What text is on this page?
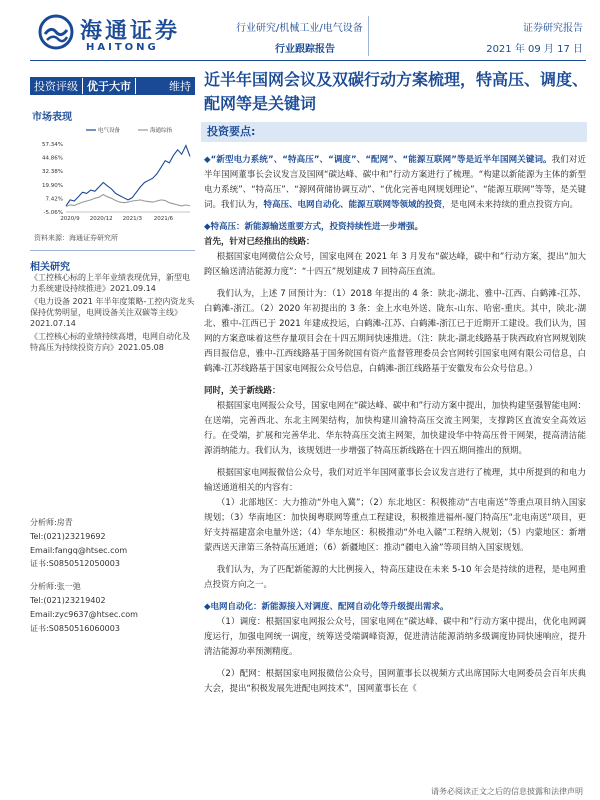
海通证券
HAITONG
行业研究/机械工业/电气设备
行业跟踪报告
证券研究报告
2021 年 09 月 17 日
投资评级 优于大市	维持
市场表现
57.34%
44.86%
32.38%
19.90%
7.42%
-5.06%
2020/9 2020/12 2021/3 2021/6
电气设备	海通综指
资料来源：海通证券研究所
相关研究
《工控核心标的上半年业绩表现优异，新型电力系统建设持续推进》2021.09.14
《电力设备 2021 年半年度策略-工控内资龙头保持优势明显，电网设备关注双碳等主线》2021.07.14
《工控核心标的业绩持续高增，电网自动化及特高压为持续投资方向》2021.05.08
分析师:房青
Tel:(021)23219692
Email:fangq@htsec.com
证书:S0850512050003
分析师:张一弛
Tel:(021)23219402
Email:zyc9637@htsec.com
证书:S0850516060003
近半年国网会议及双碳行动方案梳理，特高压、调度、配网等是关键词
投资要点:

◆ “新型电力系统”、“特高压”、“调度”、“配网”、“能源互联网”等是近半年国网关键词。我们对近半年国网董事长会议发言及国网“碳达峰、碳中和”行动方案进行了梳理。“构建以新能源为主体的新型电力系统”、“特高压”、“源网荷储协调互动”、“优化完善电网规划理论”、“能源互联网”等等，是关键词。我们认为，特高压、电网自动化、能源互联网等领域的投资，是电网未来持续的重点投资方向。

◆ 特高压：新能源输送重要方式，投资持续性进一步增强。
首先，针对已经推出的线路：

根据国家电网微信公众号，国家电网在 2021 年 3 月发布“碳达峰，碳中和”行动方案，提出“加大跨区输送清洁能源力度”：“十四五”规划建成 7 回特高压直流。

我们认为，上述 7 回预计为：（1）2018 年提出的 4 条：陕北-湖北、雅中-江西、白鹤滩-江苏、白鹤滩-浙江。（2）2020 年初提出的 3 条：金上水电外送、陇东-山东、哈密-重庆。其中，陕北-湖北、雅中-江西已于 2021 年建成投运，白鹤滩-江苏、白鹤滩-浙江已于近期开工建设。我们认为，国网的方案意味着这些存量项目会在十四五期间快速推进。（注：陕北-湖北线路基于陕西政府官网规划陕西目报信息，雅中-江西线路基于国务院国有资产监督管理委员会官网转引国家电网有限公司信息，白鹤滩-江苏线路基于国家电网报公众号信息，白鹤滩-浙江线路基于安徽发布公众号信息。）

同时，关于新线路：

根据国家电网报公众号，国家电网在“碳达峰、碳中和”行动方案中提出，加快构建坚强智能电网：在送端，完善西北、东北主网架结构，加快构建川渝特高压交流主网架，支撑跨区直流安全高效运行。在受端，扩展和完善华北、华东特高压交流主网架，加快建设华中特高压骨干网架，提高清洁能源消纳能力。我们认为，该规划进一步增强了特高压新线路在十四五期间推出的预期。

根据国家电网报微信公众号，我们对近半年国网董事长会议发言进行了梳理，其中所提到的和电力输送通道相关的内容有：

（1）北部地区：大力推动“外电入冀”；（2）东北地区：积极推动“吉电南送”等重点项目纳入国家规划；（3）华南地区：加快闽粤联网等重点工程建设，积极推进福州-厦门特高压“北电南送”项目，更好支持福建富余电量外送；（4）华东地区：积极推动“外电入赣”工程纳入规划；（5）内蒙地区：新增蒙西送天津第三条特高压通道；（6）新疆地区：推动“疆电入渝”等项目纳入国家规划。

我们认为，为了匹配新能源的大比例接入，特高压建设在未来 5-10 年会是持续的进程，是电网重点投资方向之一。

◆ 电网自动化：新能源接入对调度、配网自动化等升级提出需求。

（1）调度：根据国家电网报公众号，国家电网在“碳达峰、碳中和”行动方案中提出，优化电网调度运行，加强电网统一调度，统筹送受端调峰资源，促进清洁能源消纳多级调度协同快速响应，提升清洁能源功率预测精度。

（2）配网：根据国家电网报微信公众号，国网董事长以视频方式出席国际大电网委员会百年庆典大会，提出“积极发展先进配电网技术”，国网董事长在《

请务必阅读正文之后的信息披露和法律声明
